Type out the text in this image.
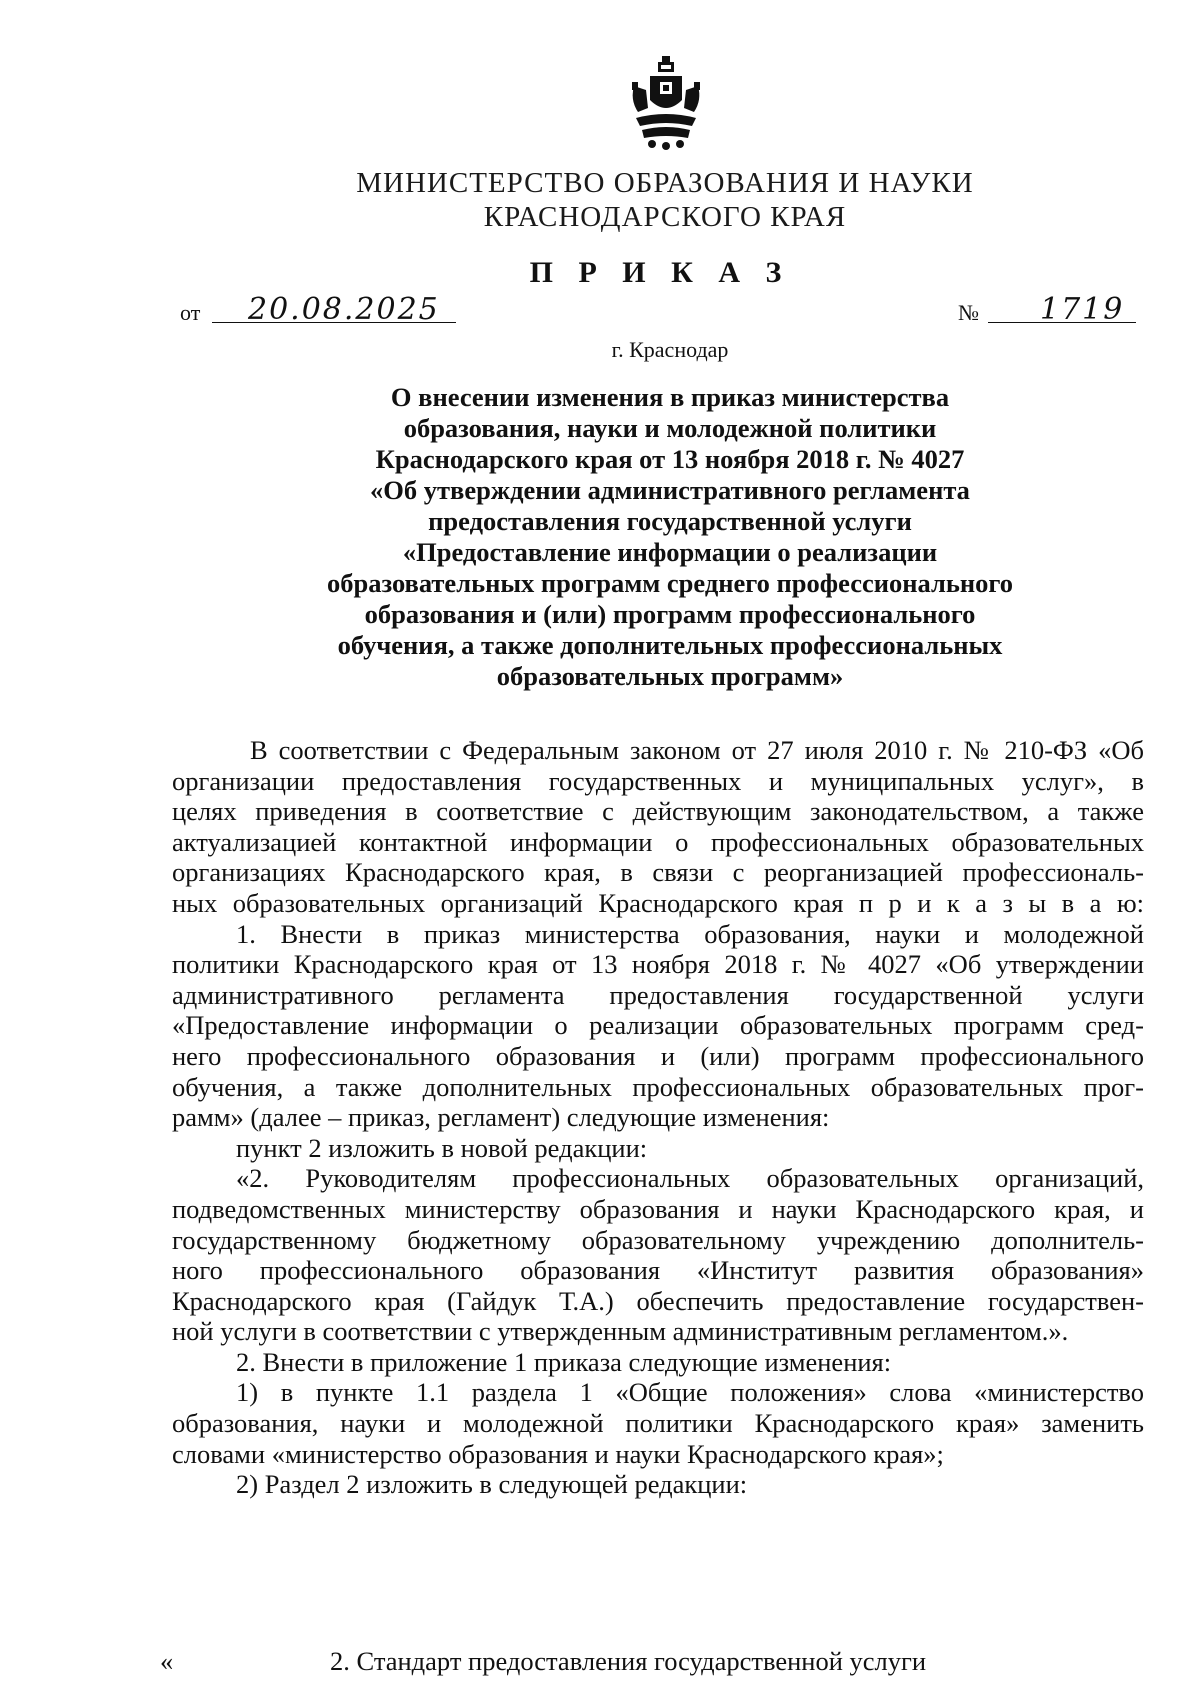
МИНИСТЕРСТВО ОБРАЗОВАНИЯ И НАУКИ
КРАСНОДАРСКОГО КРАЯ
П Р И К А З
от 20.08.2025	№ 1719
г. Краснодар
О внесении изменения в приказ министерства
образования, науки и молодежной политики
Краснодарского края от 13 ноября 2018 г. № 4027
«Об утверждении административного регламента
предоставления государственной услуги
«Предоставление информации о реализации
образовательных программ среднего профессионального
образования и (или) программ профессионального
обучения, а также дополнительных профессиональных
образовательных программ»
В соответствии с Федеральным законом от 27 июля 2010 г. № 210-ФЗ «Об
организации предоставления государственных и муниципальных услуг», в
целях приведения в соответствие с действующим законодательством, а также
актуализацией контактной информации о профессиональных образовательных
организациях Краснодарского края, в связи с реорганизацией профессиональ-
ных образовательных организаций Краснодарского края п р и к а з ы в а ю:
1. Внести в приказ министерства образования, науки и молодежной
политики Краснодарского края от 13 ноября 2018 г. № 4027 «Об утверждении
административного регламента предоставления государственной услуги
«Предоставление информации о реализации образовательных программ сред-
него профессионального образования и (или) программ профессионального
обучения, а также дополнительных профессиональных образовательных прог-
рамм» (далее – приказ, регламент) следующие изменения:
пункт 2 изложить в новой редакции:
«2. Руководителям профессиональных образовательных организаций,
подведомственных министерству образования и науки Краснодарского края, и
государственному бюджетному образовательному учреждению дополнитель-
ного профессионального образования «Институт развития образования»
Краснодарского края (Гайдук Т.А.) обеспечить предоставление государствен-
ной услуги в соответствии с утвержденным административным регламентом.».
2. Внести в приложение 1 приказа следующие изменения:
1) в пункте 1.1 раздела 1 «Общие положения» слова «министерство
образования, науки и молодежной политики Краснодарского края» заменить
словами «министерство образования и науки Краснодарского края»;
2) Раздел 2 изложить в следующей редакции:
«	2. Стандарт предоставления государственной услуги
